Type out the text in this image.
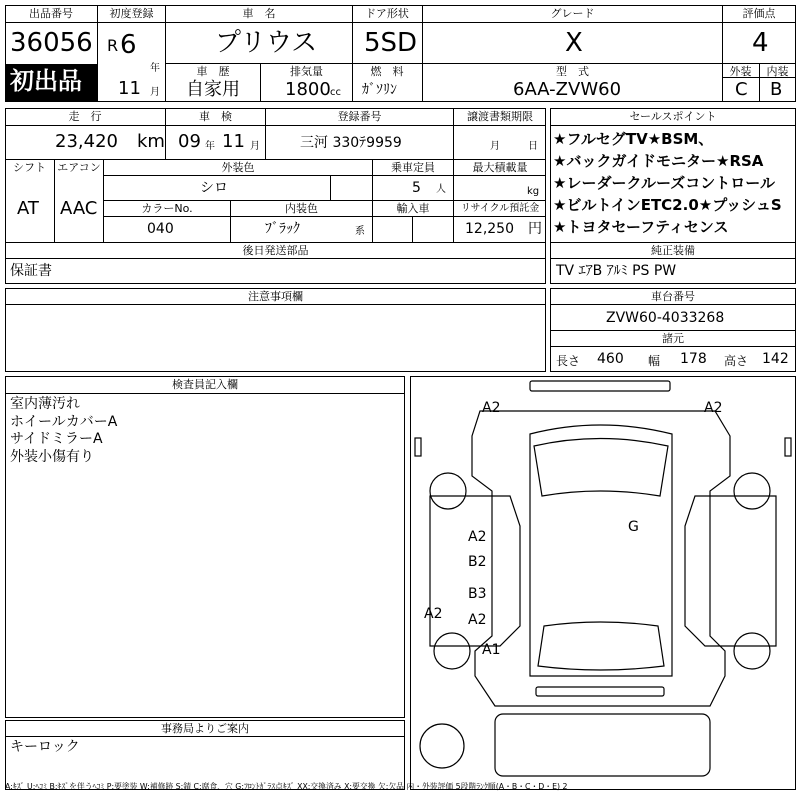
出品番号
36056
初出品
初度登録
R 6
年
11 月
車　名
プリウス
ドア形状
5SD
グレード
X
評価点
4
車　歴
自家用
排気量
1800 cc
燃　料
ｶﾞｿﾘﾝ
型　式
6AA-ZVW60
外装	内装
C B
走　行
23,420 km
車　検
09 年 11 月
登録番号
三河 330ﾃ9959
譲渡書類期限
月	日
シフト
AT
エアコン
AAC
外装色
シロ
乗車定員
5 人
最大積載量
kg
カラーNo.
040
内装色
ﾌﾞﾗｯｸ	系
輸入車	リサイクル預託金
12,250 円
後日発送部品
保証書
セールスポイント
★フルセグTV★BSM、
★バックガイドモニター★RSA
★レーダークルーズコントロール
★ビルトインETC2.0★プッシュS
★トヨタセーフティセンス
純正装備
TV ｴｱB ｱﾙﾐ PS PW
注意事項欄	車台番号
ZVW60-4033268
諸元
長さ 460 幅 178 高さ 142
検査員記入欄
室内薄汚れ
ホイールカバーA
サイドミラーA
外装小傷有り
事務局よりご案内
キーロック
A2	A2
A2
B2
B3
A2
A2
A1
G
A:ｷｽﾞ U:ﾍｺﾐ B:ｷｽﾞを伴うﾍｺﾐ P:要塗装 W:補修跡 S:錆 C:腐食、穴 G:ﾌﾛﾝﾄｶﾞﾗｽ点ｷｽﾞ XX:交換済み X:要交換 欠:欠品 内・外装評価 5段階ﾗﾝｸ順(A・B・C・D・E) 2
